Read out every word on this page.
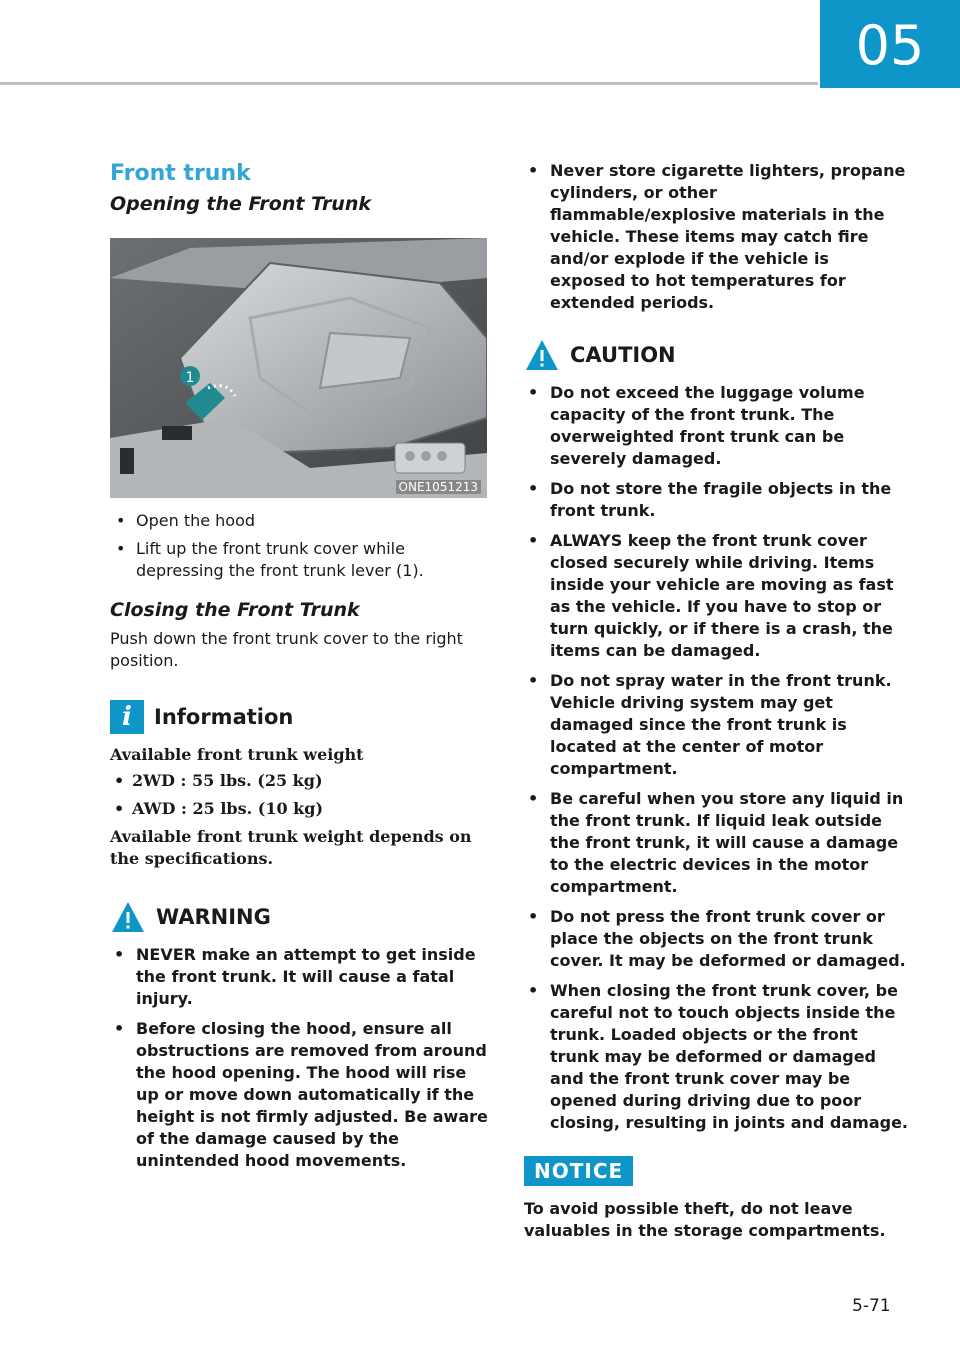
05
Front trunk
Opening the Front Trunk
1
ONE1051213
• Open the hood
• Lift up the front trunk cover while depressing the front trunk lever (1).
Closing the Front Trunk

Push down the front trunk cover to the right position.

i	Information
Available front trunk weight
• 2WD : 55 lbs. (25 kg)
• AWD : 25 lbs. (10 kg)
Available front trunk weight depends on the specifications.
WARNING
• NEVER make an attempt to get inside the front trunk. It will cause a fatal injury.
• Before closing the hood, ensure all obstructions are removed from around the hood opening. The hood will rise up or move down automatically if the height is not firmly adjusted. Be aware of the damage caused by the unintended hood movements.
• Never store cigarette lighters, propane cylinders, or other flammable/explosive materials in the vehicle. These items may catch fire and/or explode if the vehicle is exposed to hot temperatures for extended periods.
CAUTION
• Do not exceed the luggage volume capacity of the front trunk. The overweighted front trunk can be severely damaged.
• Do not store the fragile objects in the front trunk.
• ALWAYS keep the front trunk cover closed securely while driving. Items inside your vehicle are moving as fast as the vehicle. If you have to stop or turn quickly, or if there is a crash, the items can be damaged.
• Do not spray water in the front trunk. Vehicle driving system may get damaged since the front trunk is located at the center of motor compartment.
• Be careful when you store any liquid in the front trunk. If liquid leak outside the front trunk, it will cause a damage to the electric devices in the motor compartment.
• Do not press the front trunk cover or place the objects on the front trunk cover. It may be deformed or damaged.
• When closing the front trunk cover, be careful not to touch objects inside the trunk. Loaded objects or the front trunk may be deformed or damaged and the front trunk cover may be opened during driving due to poor closing, resulting in joints and damage.
NOTICE

To avoid possible theft, do not leave valuables in the storage compartments.

5-71
